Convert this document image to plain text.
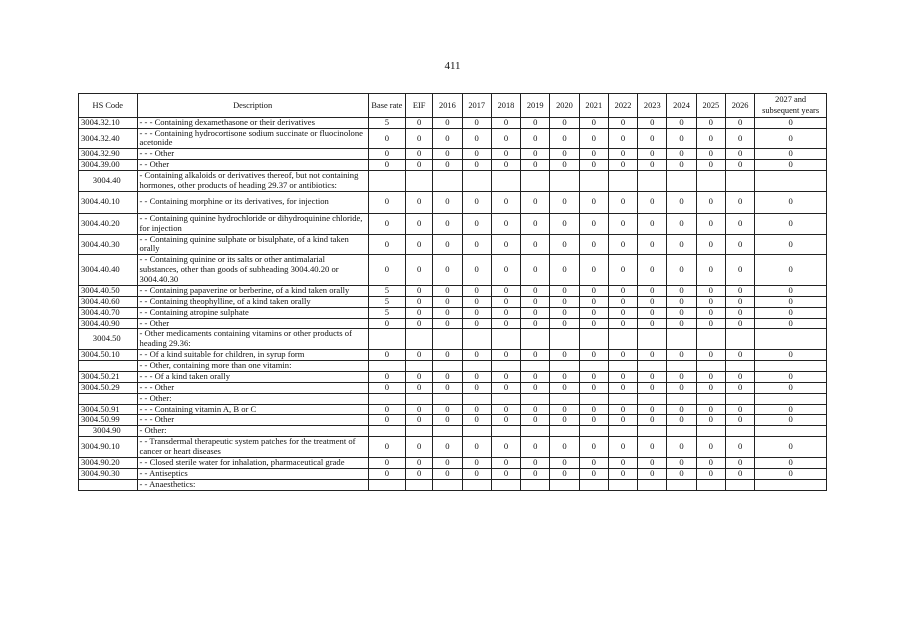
411
HS Code	Description	Base rate	EIF	2016	2017	2018	2019	2020	2021	2022	2023	2024	2025	2026	2027 and subsequent years
3004.32.10	- - - Containing dexamethasone or their derivatives	5	0	0	0	0	0	0	0	0	0	0	0	0	0
3004.32.40	- - - Containing hydrocortisone sodium succinate or fluocinolone acetonide	0	0	0	0	0	0	0	0	0	0	0	0	0	0
3004.32.90	- - - Other	0	0	0	0	0	0	0	0	0	0	0	0	0	0
3004.39.00	- - Other	0	0	0	0	0	0	0	0	0	0	0	0	0	0
3004.40	- Containing alkaloids or derivatives thereof, but not containing hormones, other products of heading 29.37 or antibiotics:														
3004.40.10	- - Containing morphine or its derivatives, for injection	0	0	0	0	0	0	0	0	0	0	0	0	0	0
3004.40.20	- - Containing quinine hydrochloride or dihydroquinine chloride, for injection	0	0	0	0	0	0	0	0	0	0	0	0	0	0
3004.40.30	- - Containing quinine sulphate or bisulphate, of a kind taken orally	0	0	0	0	0	0	0	0	0	0	0	0	0	0
3004.40.40	- - Containing quinine or its salts or other antimalarial substances, other than goods of subheading 3004.40.20 or 3004.40.30	0	0	0	0	0	0	0	0	0	0	0	0	0	0
3004.40.50	- - Containing papaverine or berberine, of a kind taken orally	5	0	0	0	0	0	0	0	0	0	0	0	0	0
3004.40.60	- - Containing theophylline, of a kind taken orally	5	0	0	0	0	0	0	0	0	0	0	0	0	0
3004.40.70	- - Containing atropine sulphate	5	0	0	0	0	0	0	0	0	0	0	0	0	0
3004.40.90	- - Other	0	0	0	0	0	0	0	0	0	0	0	0	0	0
3004.50	- Other medicaments containing vitamins or other products of heading 29.36:														
3004.50.10	- - Of a kind suitable for children, in syrup form	0	0	0	0	0	0	0	0	0	0	0	0	0	0
	- - Other, containing more than one vitamin:														
3004.50.21	- - - Of a kind taken orally	0	0	0	0	0	0	0	0	0	0	0	0	0	0
3004.50.29	- - - Other	0	0	0	0	0	0	0	0	0	0	0	0	0	0
	- - Other:														
3004.50.91	- - - Containing vitamin A, B or C	0	0	0	0	0	0	0	0	0	0	0	0	0	0
3004.50.99	- - - Other	0	0	0	0	0	0	0	0	0	0	0	0	0	0
3004.90	- Other:														
3004.90.10	- - Transdermal therapeutic system patches for the treatment of cancer or heart diseases	0	0	0	0	0	0	0	0	0	0	0	0	0	0
3004.90.20	- - Closed sterile water for inhalation, pharmaceutical grade	0	0	0	0	0	0	0	0	0	0	0	0	0	0
3004.90.30	- - Antiseptics	0	0	0	0	0	0	0	0	0	0	0	0	0	0
	- - Anaesthetics:														
